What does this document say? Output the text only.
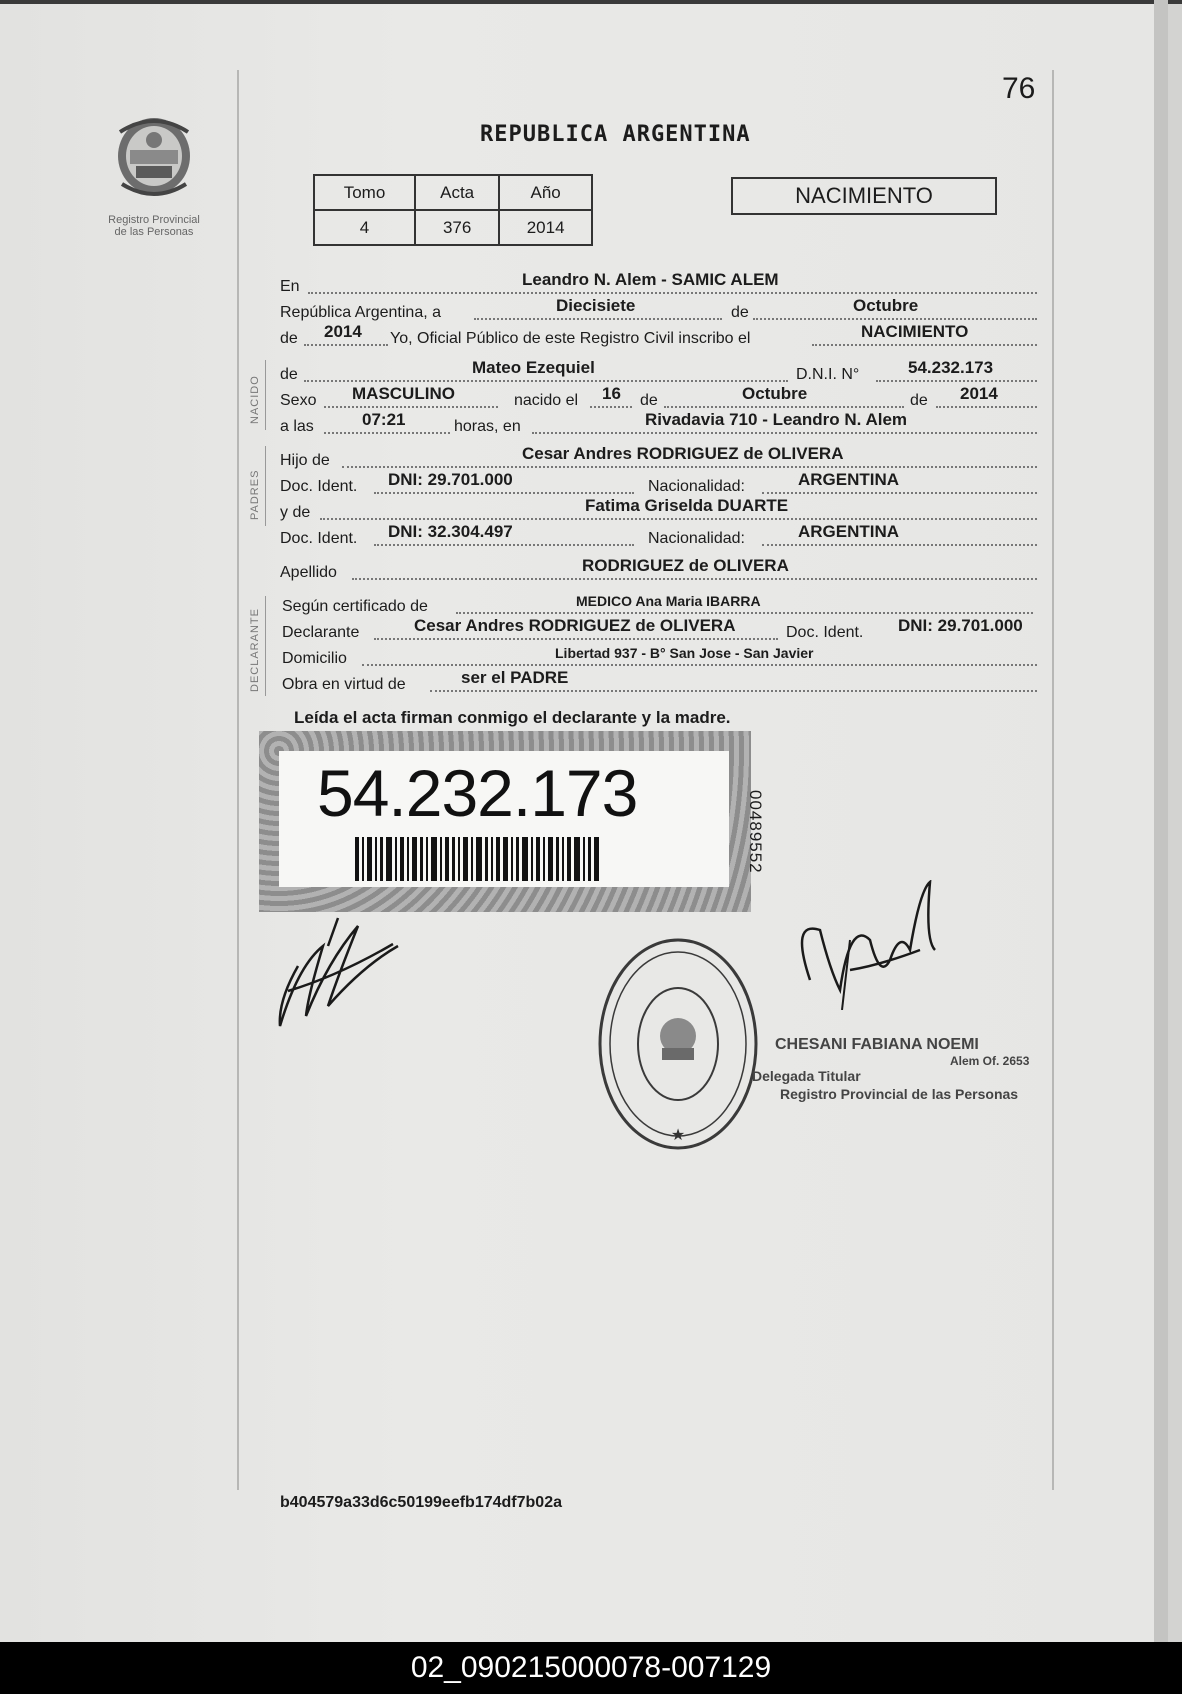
76
Registro Provincial
de las Personas
REPUBLICA ARGENTINA
Tomo	Acta	Año
4	376	2014
NACIMIENTO
NACIDO
PADRES
DECLARANTE
En	Leandro N. Alem - SAMIC ALEM
República Argentina, a	Diecisiete	de	Octubre
de 2014 Yo, Oficial Público de este Registro Civil inscribo el	NACIMIENTO
de	Mateo Ezequiel	D.N.I. N°	54.232.173
Sexo MASCULINO	nacido el 16 de	Octubre	de 2014
a las	07:21	horas, en	Rivadavia 710 - Leandro N. Alem
Hijo de	Cesar Andres RODRIGUEZ de OLIVERA
Doc. Ident. DNI: 29.701.000	Nacionalidad:	ARGENTINA
y de	Fatima Griselda DUARTE
Doc. Ident. DNI: 32.304.497	Nacionalidad:	ARGENTINA
Apellido	RODRIGUEZ de OLIVERA
Según certificado de	MEDICO Ana Maria IBARRA
Declarante	Cesar Andres RODRIGUEZ de OLIVERA	Doc. Ident. DNI: 29.701.000
Domicilio	Libertad 937 - B° San Jose - San Javier
Obra en virtud de	ser el PADRE
Leída el acta firman conmigo el declarante y la madre.
54.232.173	00489552
★
CHESANI FABIANA NOEMI
Delegada Titular
Alem Of. 2653
Registro Provincial de las Personas
b404579a33d6c50199eefb174df7b02a
02_090215000078-007129
